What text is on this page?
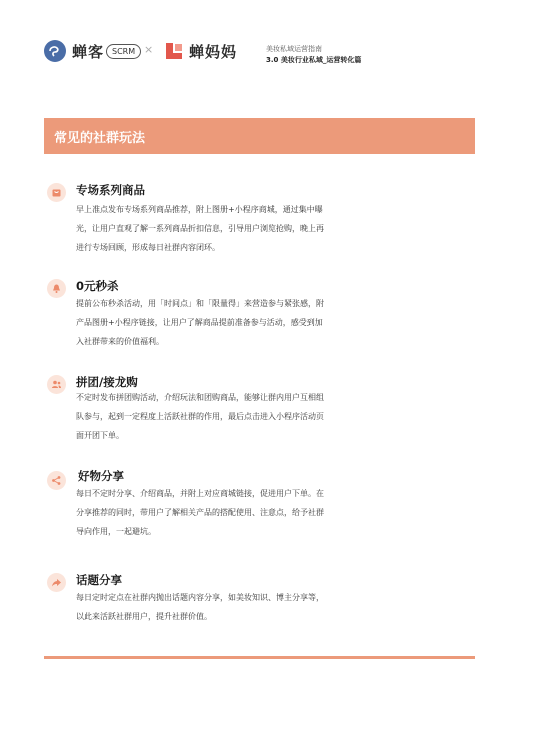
蝉客 SCRM × 蝉妈妈	美妆私域运营指南
3.0 美妆行业私域_运营转化篇
常见的社群玩法
专场系列商品
早上准点发布专场系列商品推荐，附上图册+小程序商城，通过集中曝
光，让用户直观了解一系列商品折扣信息，引导用户浏览抢购，晚上再
进行专场回顾，形成每日社群内容闭环。
0元秒杀
提前公布秒杀活动，用「时间点」和「限量得」来营造参与紧张感，附
产品图册+小程序链接，让用户了解商品提前准备参与活动，感受到加
入社群带来的价值福利。
拼团/接龙购
不定时发布拼团购活动，介绍玩法和团购商品，能够让群内用户互相组
队参与，起到一定程度上活跃社群的作用，最后点击进入小程序活动页
面开团下单。
好物分享
每日不定时分享、介绍商品，并附上对应商城链接，促进用户下单。在
分享推荐的同时，带用户了解相关产品的搭配使用、注意点，给予社群
导向作用，一起避坑。
话题分享
每日定时定点在社群内抛出话题内容分享，如美妆知识、博主分享等，
以此来活跃社群用户，提升社群价值。
